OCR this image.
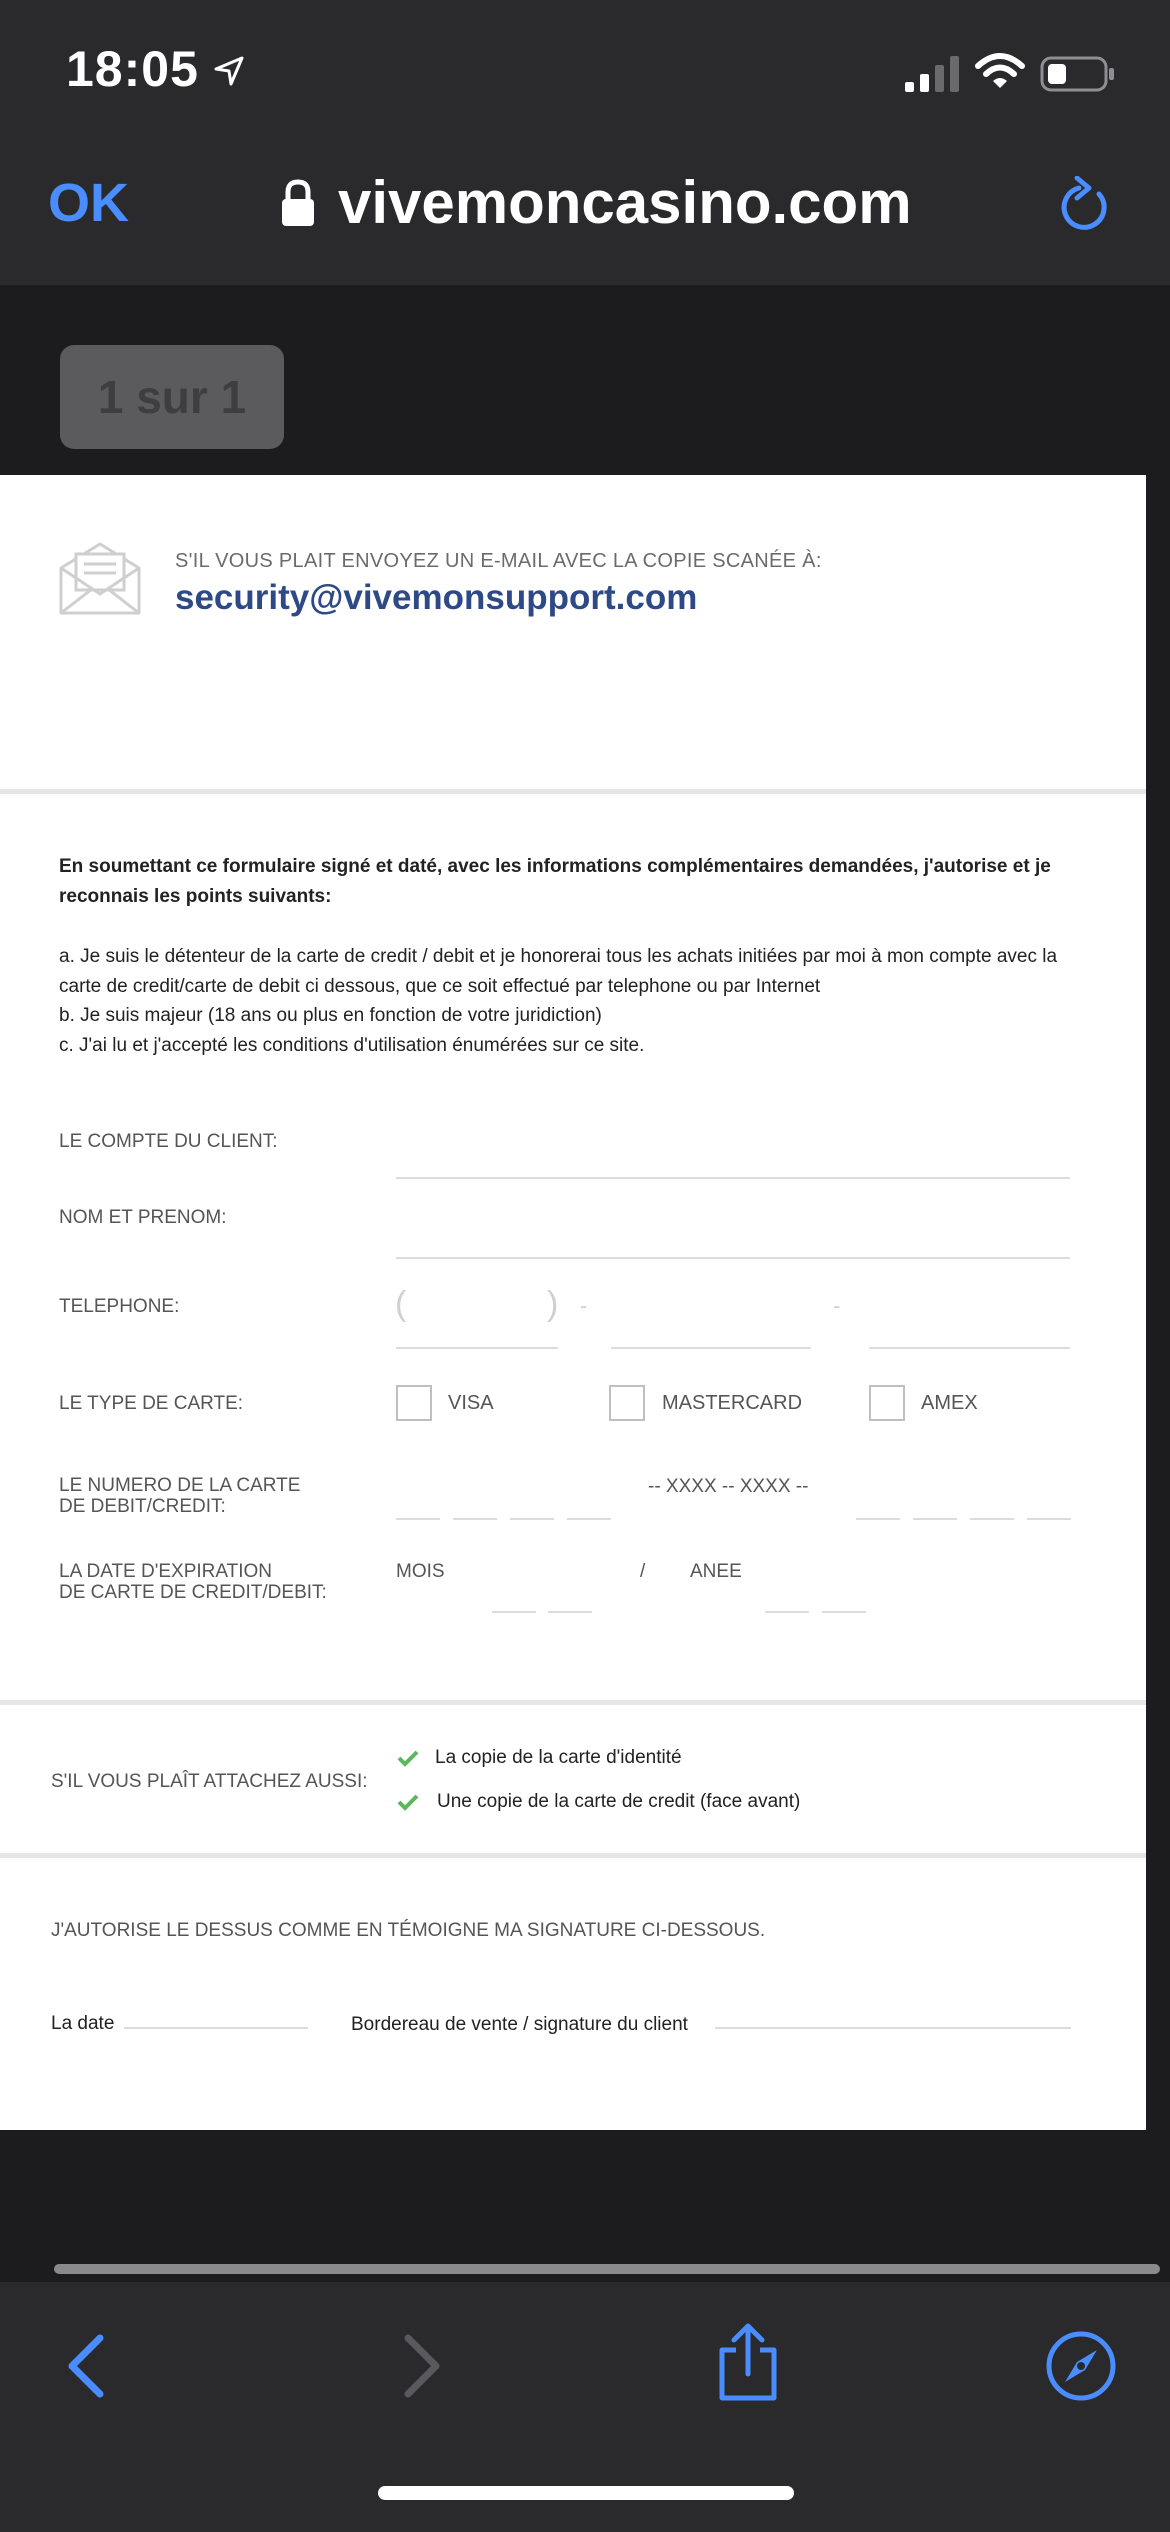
18:05
OK	vivemoncasino.com
1 sur 1
S'IL VOUS PLAIT ENVOYEZ UN E-MAIL AVEC LA COPIE SCANÉE À:
security@vivemonsupport.com
En soumettant ce formulaire signé et daté, avec les informations complémentaires demandées, j'autorise et je reconnais les points suivants:
a. Je suis le détenteur de la carte de credit / debit et je honorerai tous les achats initiées par moi à mon compte avec la carte de credit/carte de debit ci dessous, que ce soit effectué par telephone ou par Internet
b. Je suis majeur (18 ans ou plus en fonction de votre juridiction)
c. J'ai lu et j'accepté les conditions d'utilisation énumérées sur ce site.
LE COMPTE DU CLIENT:
NOM ET PRENOM:
TELEPHONE:	(	) -	-
LE TYPE DE CARTE:	VISA	MASTERCARD	AMEX
LE NUMERO DE LA CARTE
DE DEBIT/CREDIT:
-- XXXX -- XXXX --
LA DATE D'EXPIRATION
DE CARTE DE CREDIT/DEBIT:
MOIS	/ ANEE
S'IL VOUS PLAÎT ATTACHEZ AUSSI:
La copie de la carte d'identité
Une copie de la carte de credit (face avant)
J'AUTORISE LE DESSUS COMME EN TÉMOIGNE MA SIGNATURE CI-DESSOUS.
La date	Bordereau de vente / signature du client
